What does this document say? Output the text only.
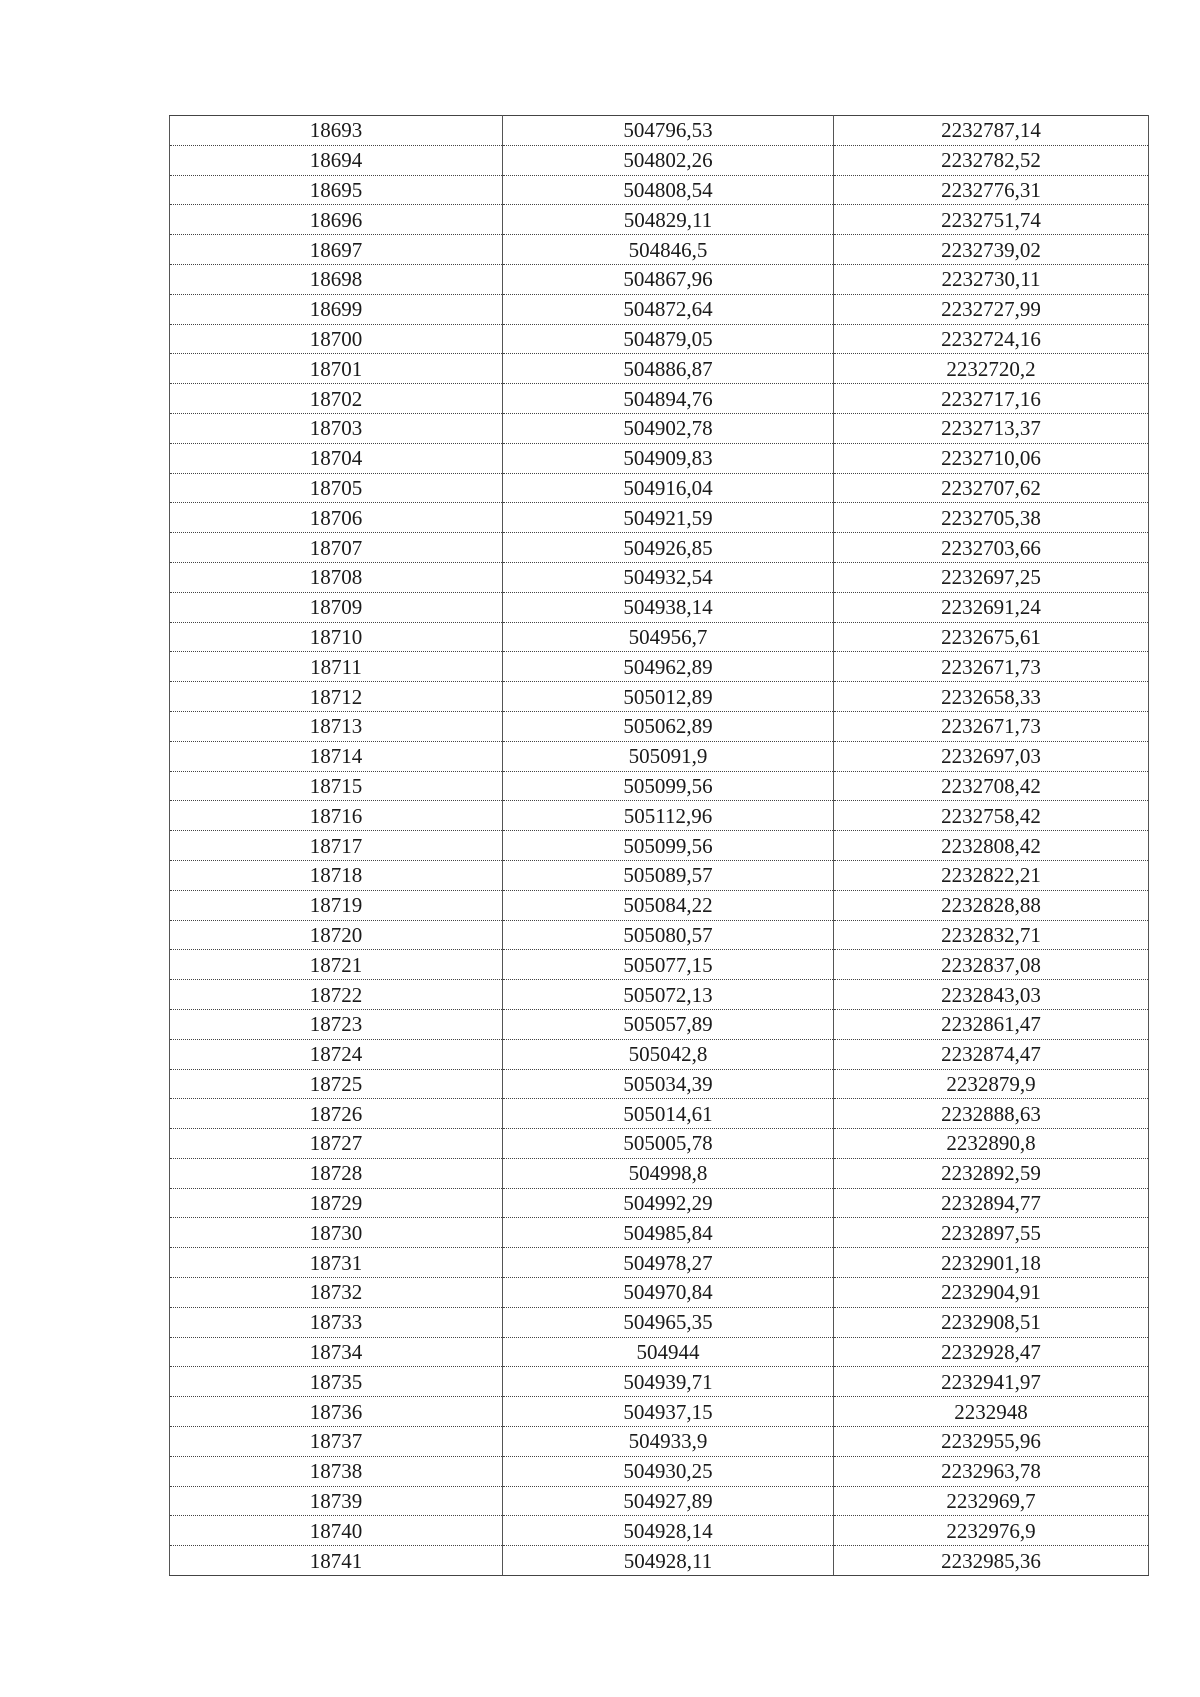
18693	504796,53	2232787,14
18694	504802,26	2232782,52
18695	504808,54	2232776,31
18696	504829,11	2232751,74
18697	504846,5	2232739,02
18698	504867,96	2232730,11
18699	504872,64	2232727,99
18700	504879,05	2232724,16
18701	504886,87	2232720,2
18702	504894,76	2232717,16
18703	504902,78	2232713,37
18704	504909,83	2232710,06
18705	504916,04	2232707,62
18706	504921,59	2232705,38
18707	504926,85	2232703,66
18708	504932,54	2232697,25
18709	504938,14	2232691,24
18710	504956,7	2232675,61
18711	504962,89	2232671,73
18712	505012,89	2232658,33
18713	505062,89	2232671,73
18714	505091,9	2232697,03
18715	505099,56	2232708,42
18716	505112,96	2232758,42
18717	505099,56	2232808,42
18718	505089,57	2232822,21
18719	505084,22	2232828,88
18720	505080,57	2232832,71
18721	505077,15	2232837,08
18722	505072,13	2232843,03
18723	505057,89	2232861,47
18724	505042,8	2232874,47
18725	505034,39	2232879,9
18726	505014,61	2232888,63
18727	505005,78	2232890,8
18728	504998,8	2232892,59
18729	504992,29	2232894,77
18730	504985,84	2232897,55
18731	504978,27	2232901,18
18732	504970,84	2232904,91
18733	504965,35	2232908,51
18734	504944	2232928,47
18735	504939,71	2232941,97
18736	504937,15	2232948
18737	504933,9	2232955,96
18738	504930,25	2232963,78
18739	504927,89	2232969,7
18740	504928,14	2232976,9
18741	504928,11	2232985,36
